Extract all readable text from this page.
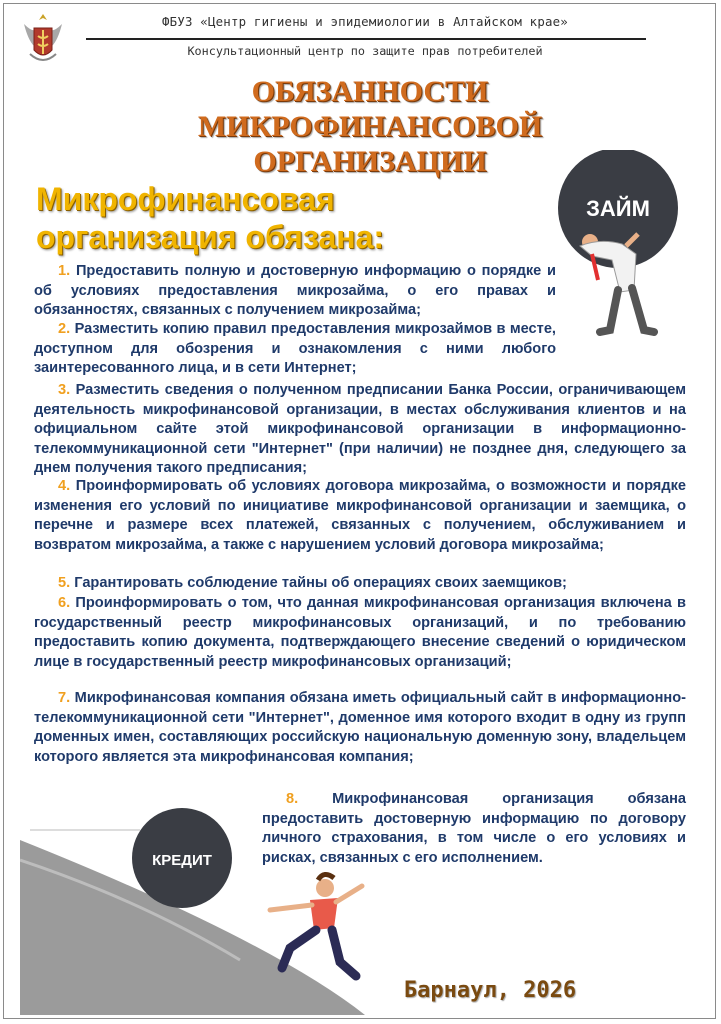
ФБУЗ «Центр гигиены и эпидемиологии в Алтайском крае»
Консультационный центр по защите прав потребителей
ОБЯЗАННОСТИ МИКРОФИНАНСОВОЙ ОРГАНИЗАЦИИ
Микрофинансовая организация обязана:
ЗАЙМ

1. Предоставить полную и достоверную информацию о порядке и об условиях предоставления микрозайма, о его правах и обязанностях, связанных с получением микрозайма;

2. Разместить копию правил предоставления микрозаймов в месте, доступном для обозрения и ознакомления с ними любого заинтересованного лица, и в сети Интернет;

3. Разместить сведения о полученном предписании Банка России, ограничивающем деятельность микрофинансовой организации, в местах обслуживания клиентов и на официальном сайте этой микрофинансовой организации в информационно-телекоммуникационной сети "Интернет" (при наличии) не позднее дня, следующего за днем получения такого предписания;

4. Проинформировать об условиях договора микрозайма, о возможности и порядке изменения его условий по инициативе микрофинансовой организации и заемщика, о перечне и размере всех платежей, связанных с получением, обслуживанием и возвратом микрозайма, а также с нарушением условий договора микрозайма;

5. Гарантировать соблюдение тайны об операциях своих заемщиков;

6. Проинформировать о том, что данная микрофинансовая организация включена в государственный реестр микрофинансовых организаций, и по требованию предоставить копию документа, подтверждающего внесение сведений о юридическом лице в государственный реестр микрофинансовых организаций;

7. Микрофинансовая компания обязана иметь официальный сайт в информационно-телекоммуникационной сети "Интернет", доменное имя которого входит в одну из групп доменных имен, составляющих российскую национальную доменную зону, владельцем которого является эта микрофинансовая компания;

8. Микрофинансовая организация обязана предоставить достоверную информацию по договору личного страхования, в том числе о его условиях и рисках, связанных с его исполнением.

КРЕДИТ
Барнаул, 2026
